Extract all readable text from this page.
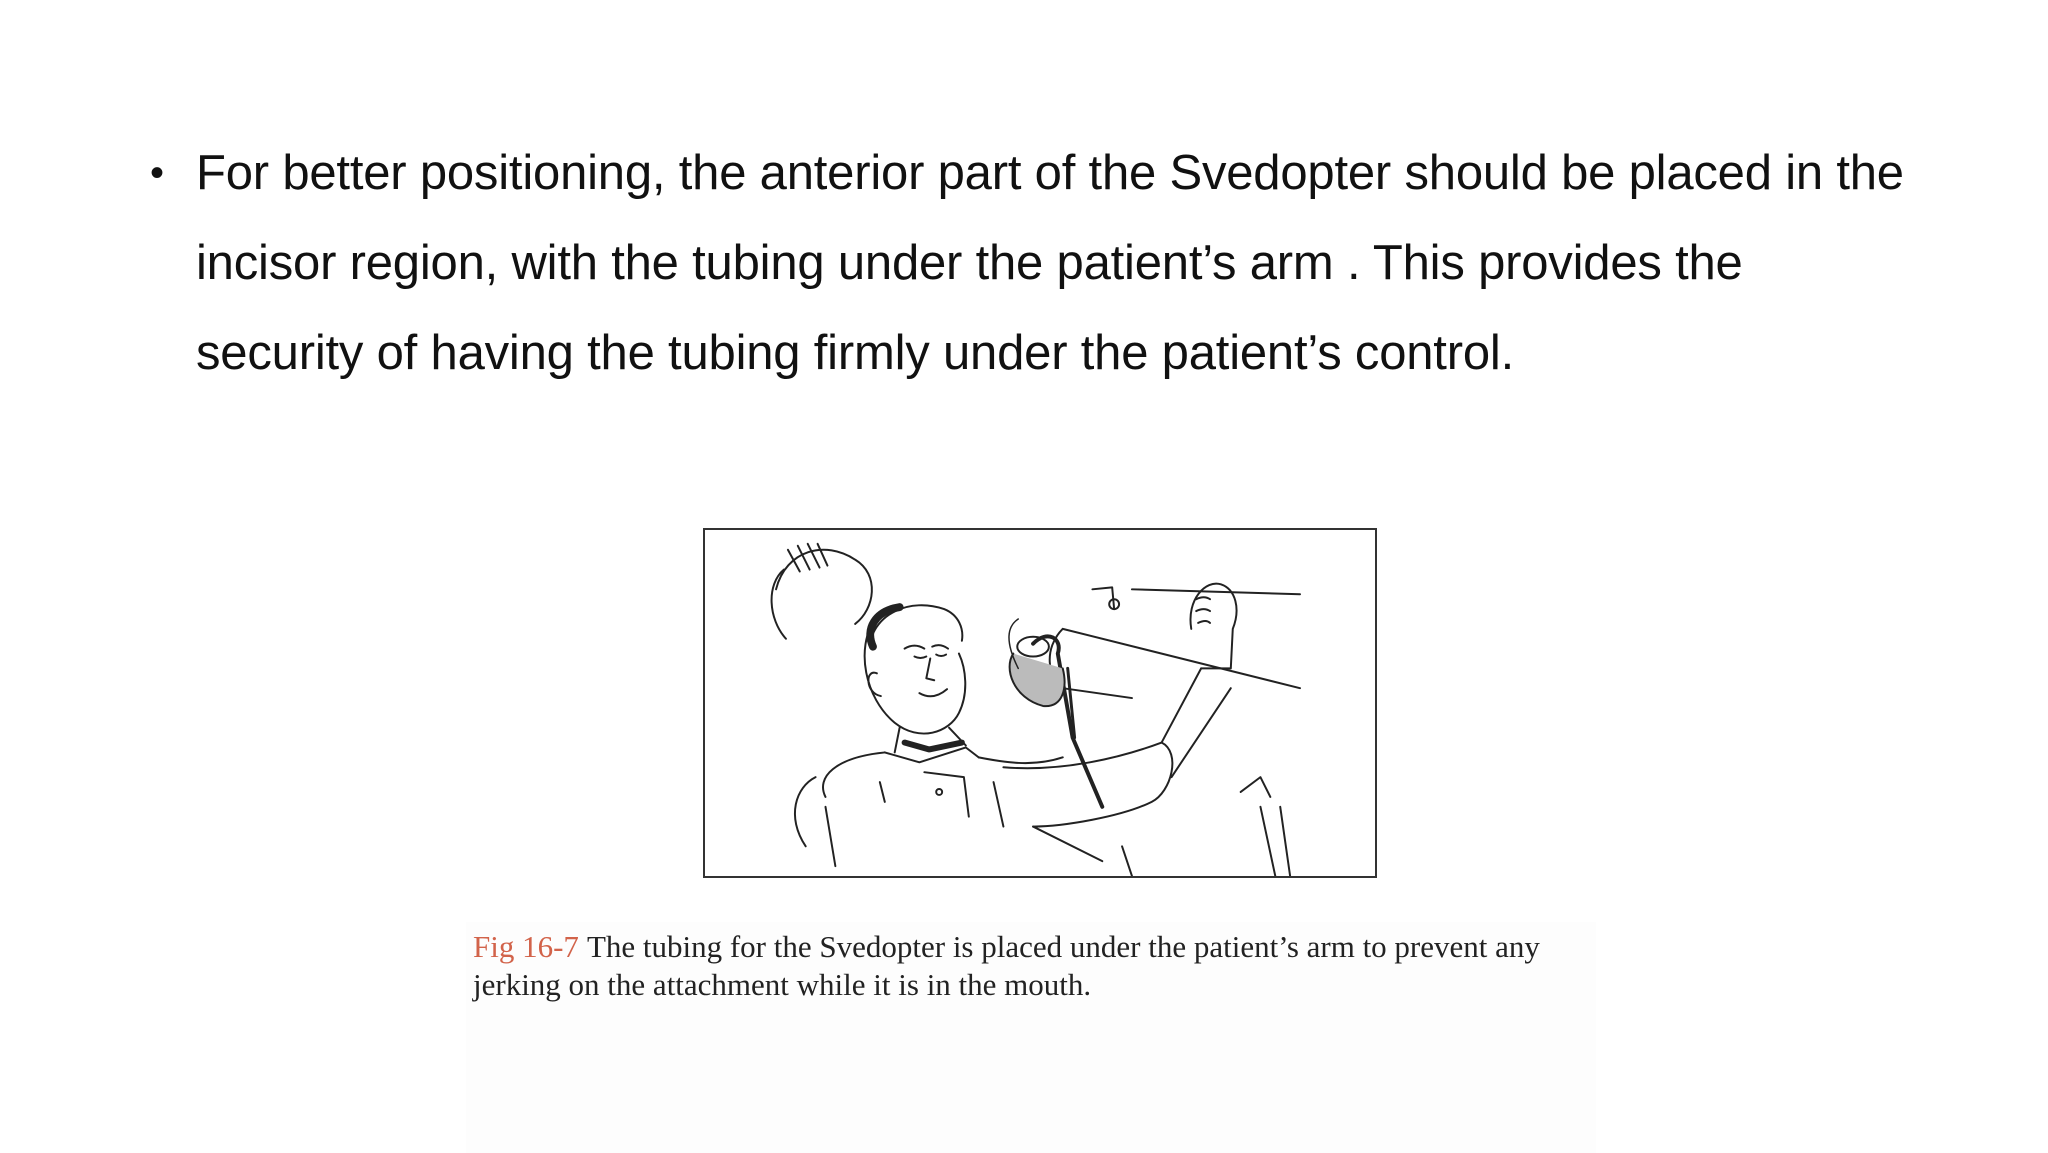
• For better positioning, the anterior part of the Svedopter should be placed in the incisor region, with the tubing under the patient’s arm . This provides the security of having the tubing firmly under the patient’s control.

Fig 16-7 The tubing for the Svedopter is placed under the patient’s arm to prevent any jerking on the attachment while it is in the mouth.
